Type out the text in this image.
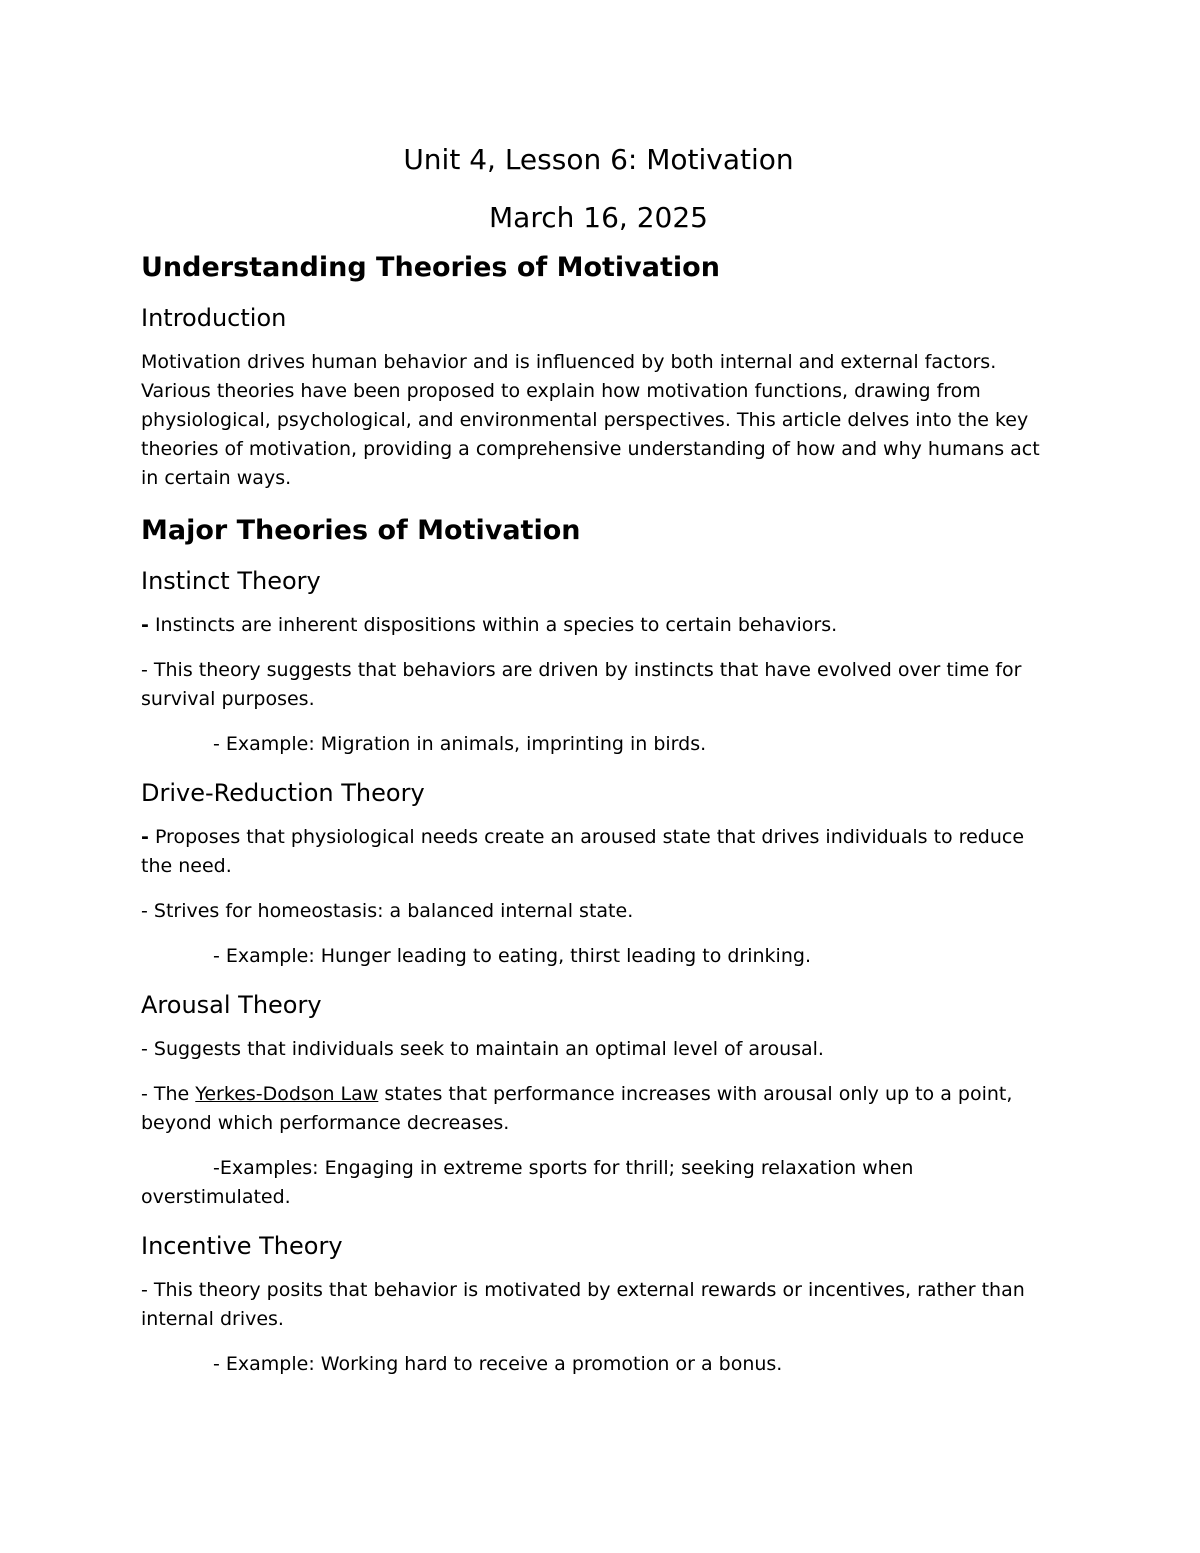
Unit 4, Lesson 6: Motivation
March 16, 2025
Understanding Theories of Motivation
Introduction

Motivation drives human behavior and is influenced by both internal and external factors. Various theories have been proposed to explain how motivation functions, drawing from physiological, psychological, and environmental perspectives. This article delves into the key theories of motivation, providing a comprehensive understanding of how and why humans act in certain ways.

Major Theories of Motivation
Instinct Theory

- Instincts are inherent dispositions within a species to certain behaviors.

- This theory suggests that behaviors are driven by instincts that have evolved over time for survival purposes.

- Example: Migration in animals, imprinting in birds.

Drive-Reduction Theory

- Proposes that physiological needs create an aroused state that drives individuals to reduce the need.

- Strives for homeostasis: a balanced internal state.

- Example: Hunger leading to eating, thirst leading to drinking.

Arousal Theory

- Suggests that individuals seek to maintain an optimal level of arousal.

- The Yerkes-Dodson Law states that performance increases with arousal only up to a point, beyond which performance decreases.

-Examples: Engaging in extreme sports for thrill; seeking relaxation when overstimulated.

Incentive Theory

- This theory posits that behavior is motivated by external rewards or incentives, rather than internal drives.

- Example: Working hard to receive a promotion or a bonus.
